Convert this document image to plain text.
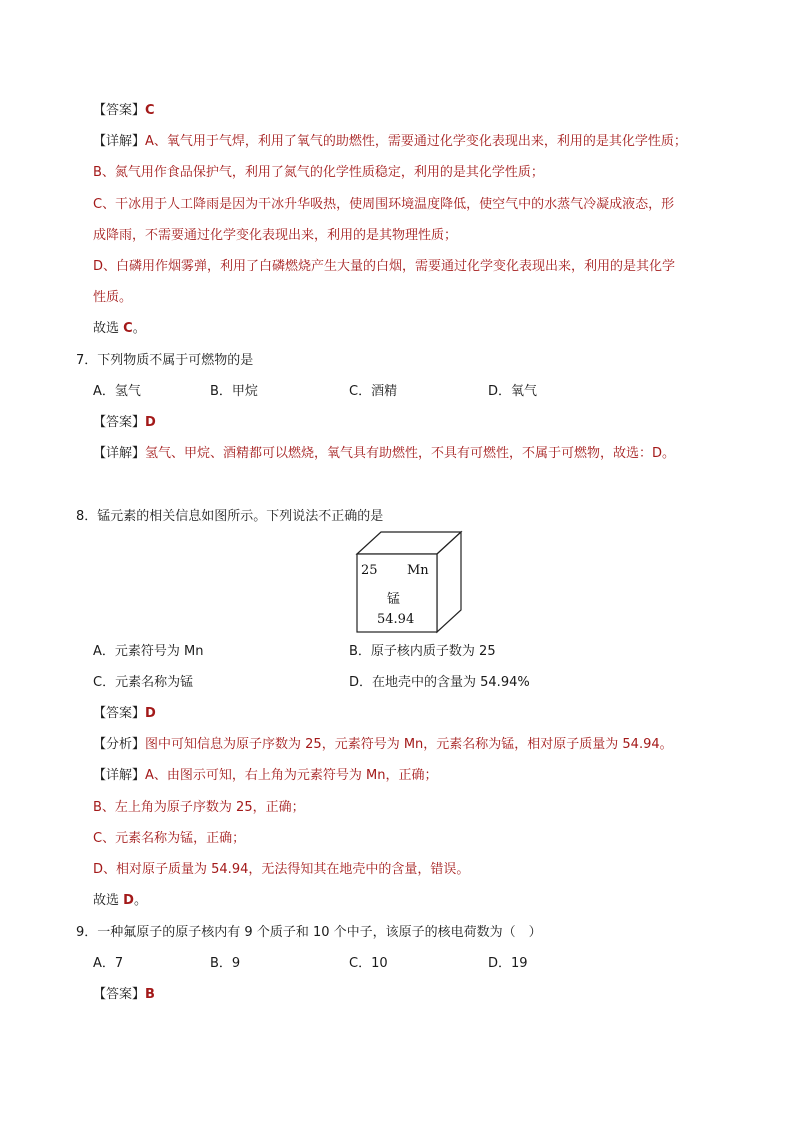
【答案】C
【详解】A、氧气用于气焊，利用了氧气的助燃性，需要通过化学变化表现出来，利用的是其化学性质；
B、氮气用作食品保护气，利用了氮气的化学性质稳定，利用的是其化学性质；
C、干冰用于人工降雨是因为干冰升华吸热，使周围环境温度降低，使空气中的水蒸气冷凝成液态，形
成降雨，不需要通过化学变化表现出来，利用的是其物理性质；
D、白磷用作烟雾弹，利用了白磷燃烧产生大量的白烟，需要通过化学变化表现出来，利用的是其化学
性质。
故选 C。
7．下列物质不属于可燃物的是
A．氢气	B．甲烷	C．酒精	D．氧气
【答案】D
【详解】氢气、甲烷、酒精都可以燃烧，氧气具有助燃性，不具有可燃性，不属于可燃物，故选：D。
8．锰元素的相关信息如图所示。下列说法不正确的是
25 Mn
锰
54.94
A．元素符号为 Mn	B．原子核内质子数为 25
C．元素名称为锰	D．在地壳中的含量为 54.94%
【答案】D
【分析】图中可知信息为原子序数为 25，元素符号为 Mn，元素名称为锰，相对原子质量为 54.94。
【详解】A、由图示可知，右上角为元素符号为 Mn，正确；
B、左上角为原子序数为 25，正确；
C、元素名称为锰，正确；
D、相对原子质量为 54.94，无法得知其在地壳中的含量，错误。
故选 D。
9．一种氟原子的原子核内有 9 个质子和 10 个中子，该原子的核电荷数为（　）
A．7	B．9	C．10	D．19
【答案】B
